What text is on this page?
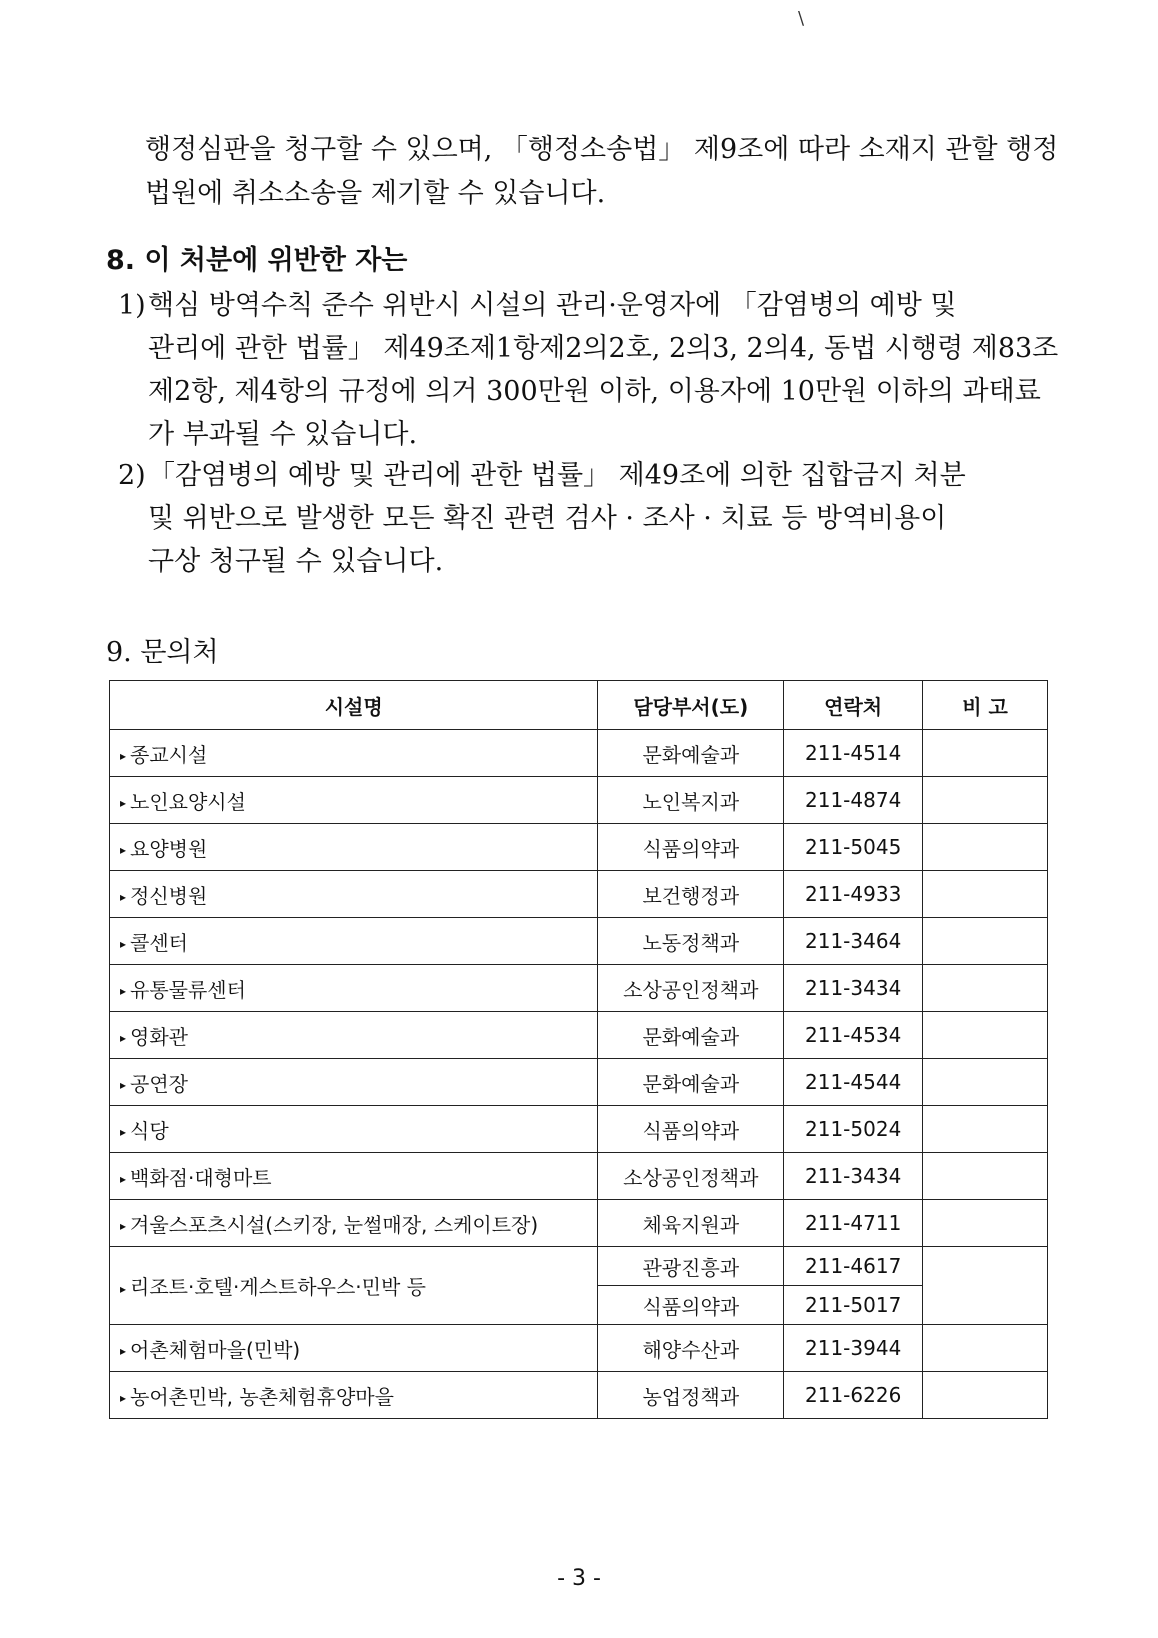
\

행정심판을 청구할 수 있으며, 「행정소송법」 제9조에 따라 소재지 관할 행정
법원에 취소소송을 제기할 수 있습니다.

8. 이 처분에 위반한 자는
1) 핵심 방역수칙 준수 위반시 시설의 관리·운영자에 「감염병의 예방 및
관리에 관한 법률」 제49조제1항제2의2호, 2의3, 2의4, 동법 시행령 제83조
제2항, 제4항의 규정에 의거 300만원 이하, 이용자에 10만원 이하의 과태료
가 부과될 수 있습니다.
2) 「감염병의 예방 및 관리에 관한 법률」 제49조에 의한 집합금지 처분
및 위반으로 발생한 모든 확진 관련 검사 · 조사 · 치료 등 방역비용이
구상 청구될 수 있습니다.
9. 문의처
시설명	담당부서(도)	연락처	비 고
▸ 종교시설	문화예술과	211-4514	
▸ 노인요양시설	노인복지과	211-4874	
▸ 요양병원	식품의약과	211-5045	
▸ 정신병원	보건행정과	211-4933	
▸ 콜센터	노동정책과	211-3464	
▸ 유통물류센터	소상공인정책과	211-3434	
▸ 영화관	문화예술과	211-4534	
▸ 공연장	문화예술과	211-4544	
▸ 식당	식품의약과	211-5024	
▸ 백화점·대형마트	소상공인정책과	211-3434	
▸ 겨울스포츠시설(스키장, 눈썰매장, 스케이트장)	체육지원과	211-4711	
▸ 리조트·호텔·게스트하우스·민박 등	관광진흥과	211-4617	
	식품의약과	211-5017	
▸ 어촌체험마을(민박)	해양수산과	211-3944	
▸ 농어촌민박, 농촌체험휴양마을	농업정책과	211-6226	
- 3 -
